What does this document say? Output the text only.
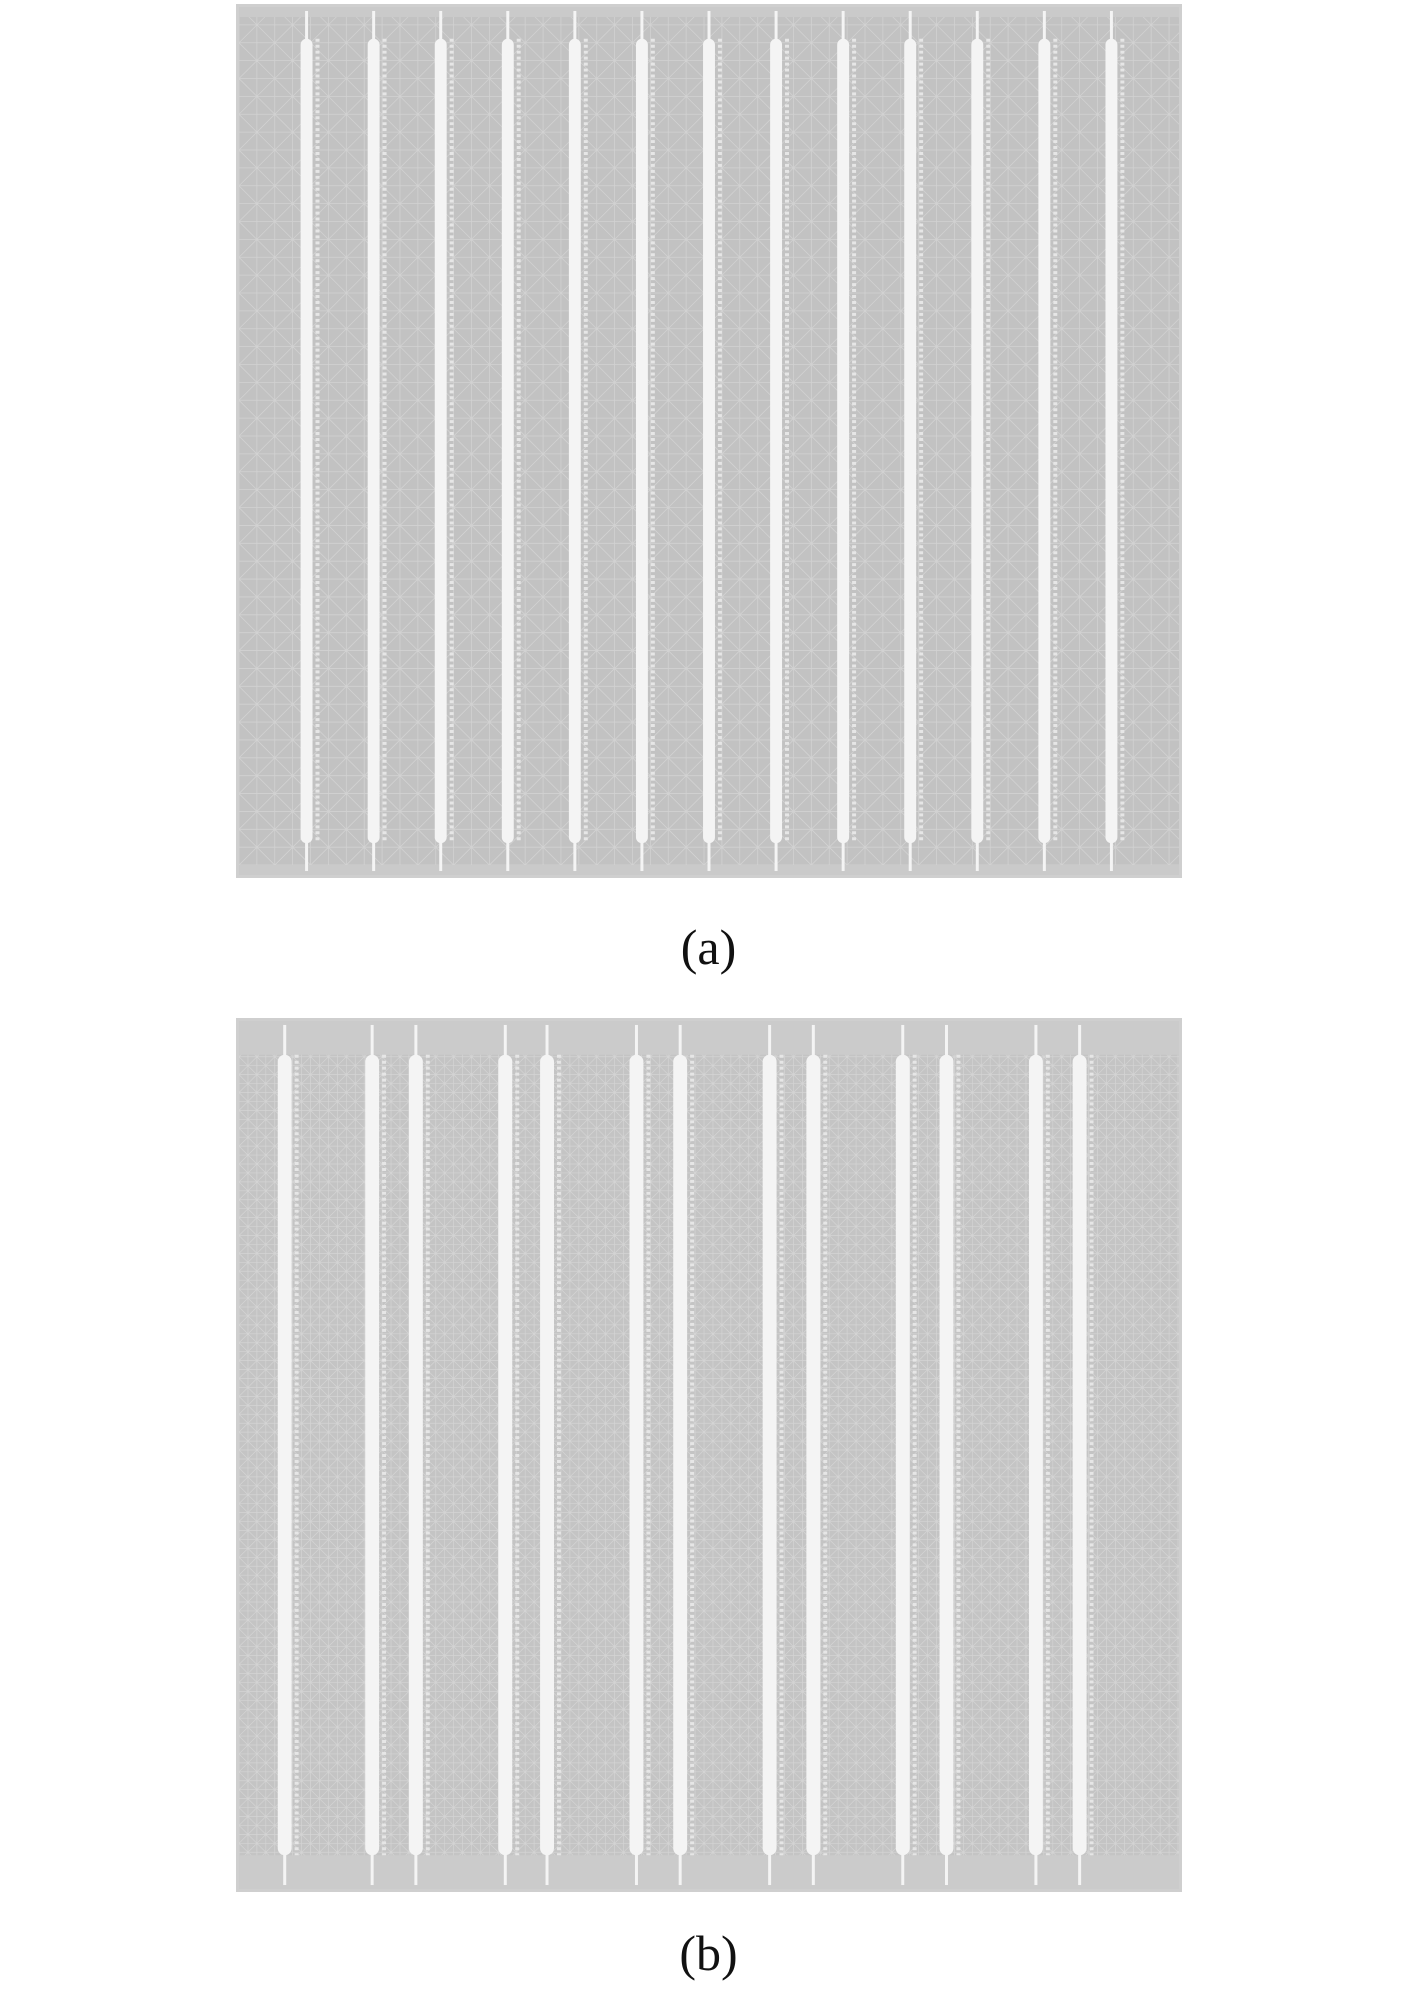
(a)
(b)
